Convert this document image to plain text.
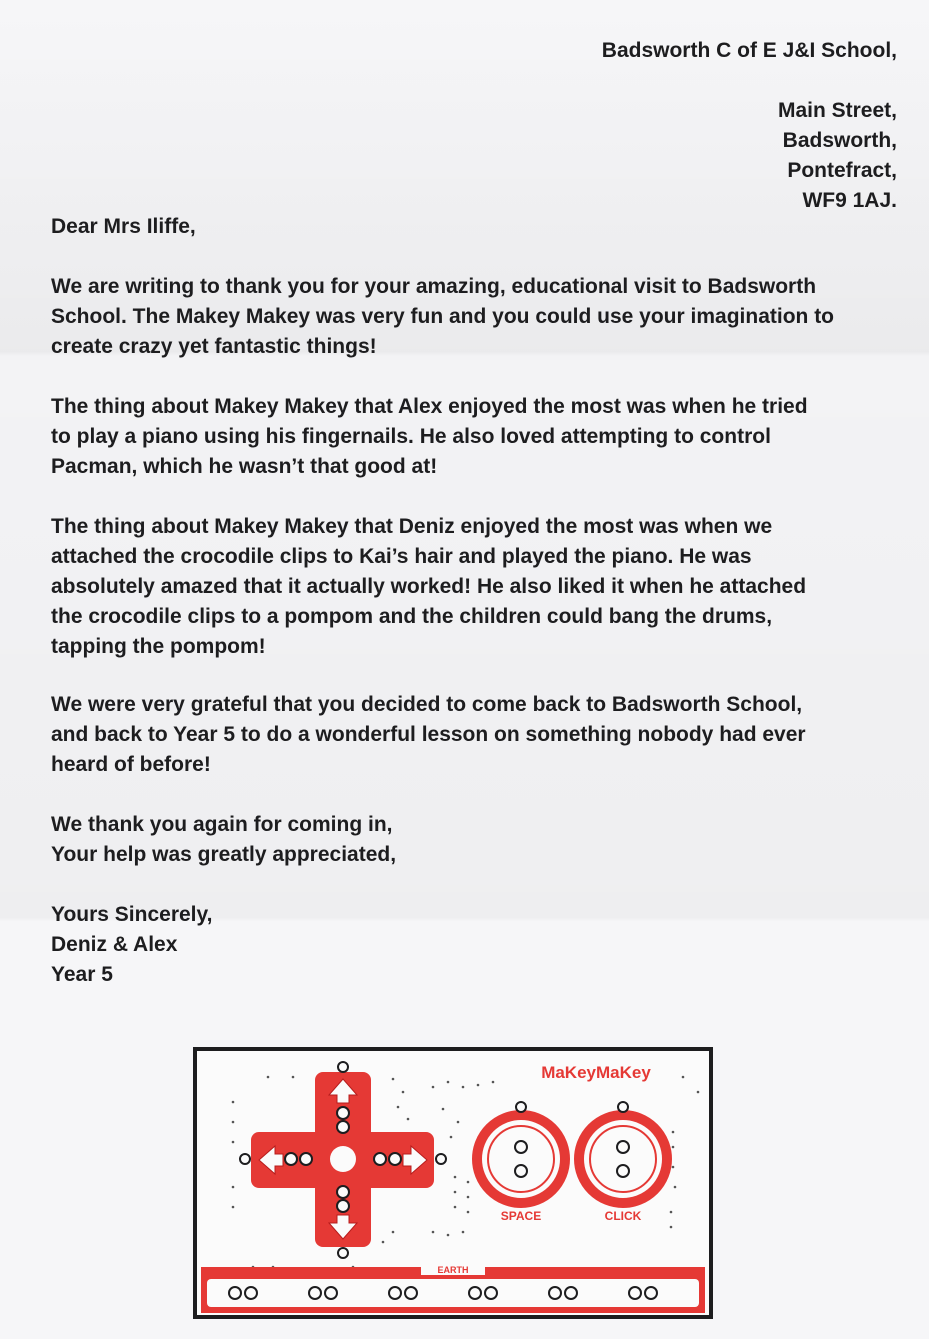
Badsworth C of E J&I School,
Main Street,
Badsworth,
Pontefract,
WF9 1AJ.
Dear Mrs Iliffe,
We are writing to thank you for your amazing, educational visit to Badsworth
School. The Makey Makey was very fun and you could use your imagination to
create crazy yet fantastic things!
The thing about Makey Makey that Alex enjoyed the most was when he tried
to play a piano using his fingernails. He also loved attempting to control
Pacman, which he wasn’t that good at!
The thing about Makey Makey that Deniz enjoyed the most was when we
attached the crocodile clips to Kai’s hair and played the piano. He was
absolutely amazed that it actually worked! He also liked it when he attached
the crocodile clips to a pompom and the children could bang the drums,
tapping the pompom!
We were very grateful that you decided to come back to Badsworth School,
and back to Year 5 to do a wonderful lesson on something nobody had ever
heard of before!
We thank you again for coming in,
Your help was greatly appreciated,
Yours Sincerely,
Deniz & Alex
Year 5
SPACE	CLICK
MaKeyMaKey
EARTH
